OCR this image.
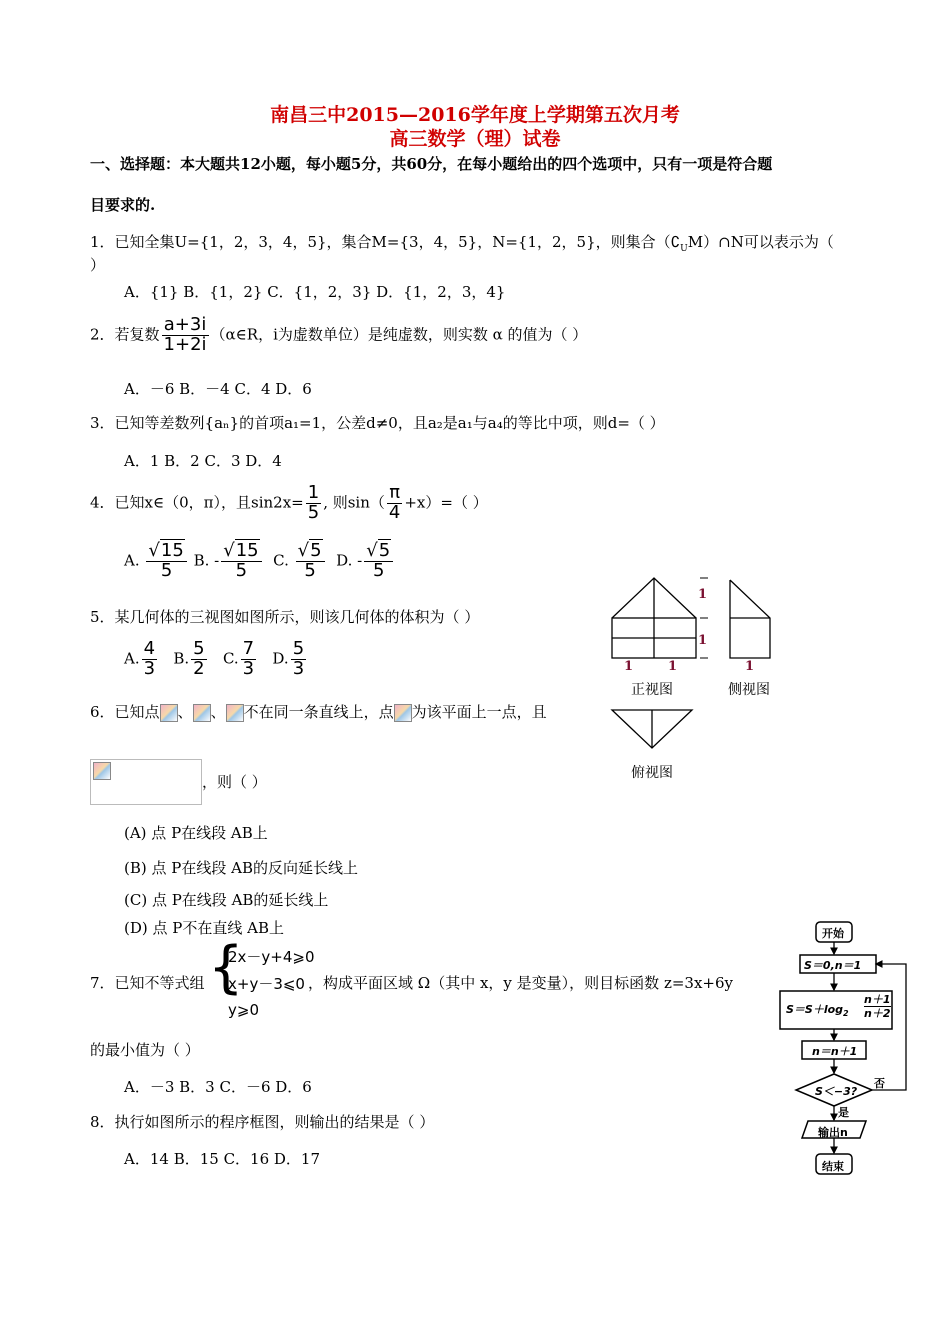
南昌三中2015—2016学年度上学期第五次月考
高三数学（理）试卷
一、选择题：本大题共12小题，每小题5分，共60分，在每小题给出的四个选项中，只有一项是符合题
目要求的.
1．已知全集U={1，2，3，4，5}，集合M={3，4，5}，N={1，2，5}，则集合$(∁_UM)\cap N$可以表示为（
）
A．{1} B．{1，2} C．{1，2，3} D．{1，2，3，4}
2．若复数 $\frac{a+3i}{1+2i}$ （α∈R，i为虚数单位）是纯虚数，则实数 α 的值为（ ）
A．－6 B．－4 C．4 D．6
3．已知等差数列{aₙ}的首项a₁=1，公差d≠0，且a₂是a₁与a₄的等比中项，则d=（ ）
A．1 B．2 C．3 D．4
4．已知x∈（0，π），且$\sin 2x= \frac{1}{5}$ , 则$\sin( \frac{\pi}{4} +x)=$（ ）
A. $\frac{√15}{5} B$. - $\frac{√15}{5} C$. $\frac{√5}{5} D$. - $\frac{√5}{5}$
5．某几何体的三视图如图所示，则该几何体的体积为（ ）
A. $\frac{4}{3} B$. $\frac{5}{2} C$. $\frac{7}{3} D$. $\frac{5}{3}$
1
1
1	1	1
正视图	侧视图
俯视图
6．已知点 、 、 不在同一条直线上，点 为该平面上一点，且
，则（ ）
(A) 点 P在线段 AB上
(B) 点 P在线段 AB的反向延长线上
(C) 点 P在线段 AB的延长线上
(D) 点 P不在直线 AB上
7．已知不等式组 {
2x－y+4⩾0
x+y－3⩽0
y⩾0
，构成平面区域 Ω（其中 x，y 是变量），则目标函数 z=3x+6y
的最小值为（ ）
A．－3 B．3 C．－6 D．6
8．执行如图所示的程序框图，则输出的结果是（ ）
A．14 B．15 C．16 D．17
开始
S＝0,n＝1
$S=S+\log_2 \frac{n+1}{n+2}$
n＝n＋1
S＜−3?
否
是
输出n
结束
